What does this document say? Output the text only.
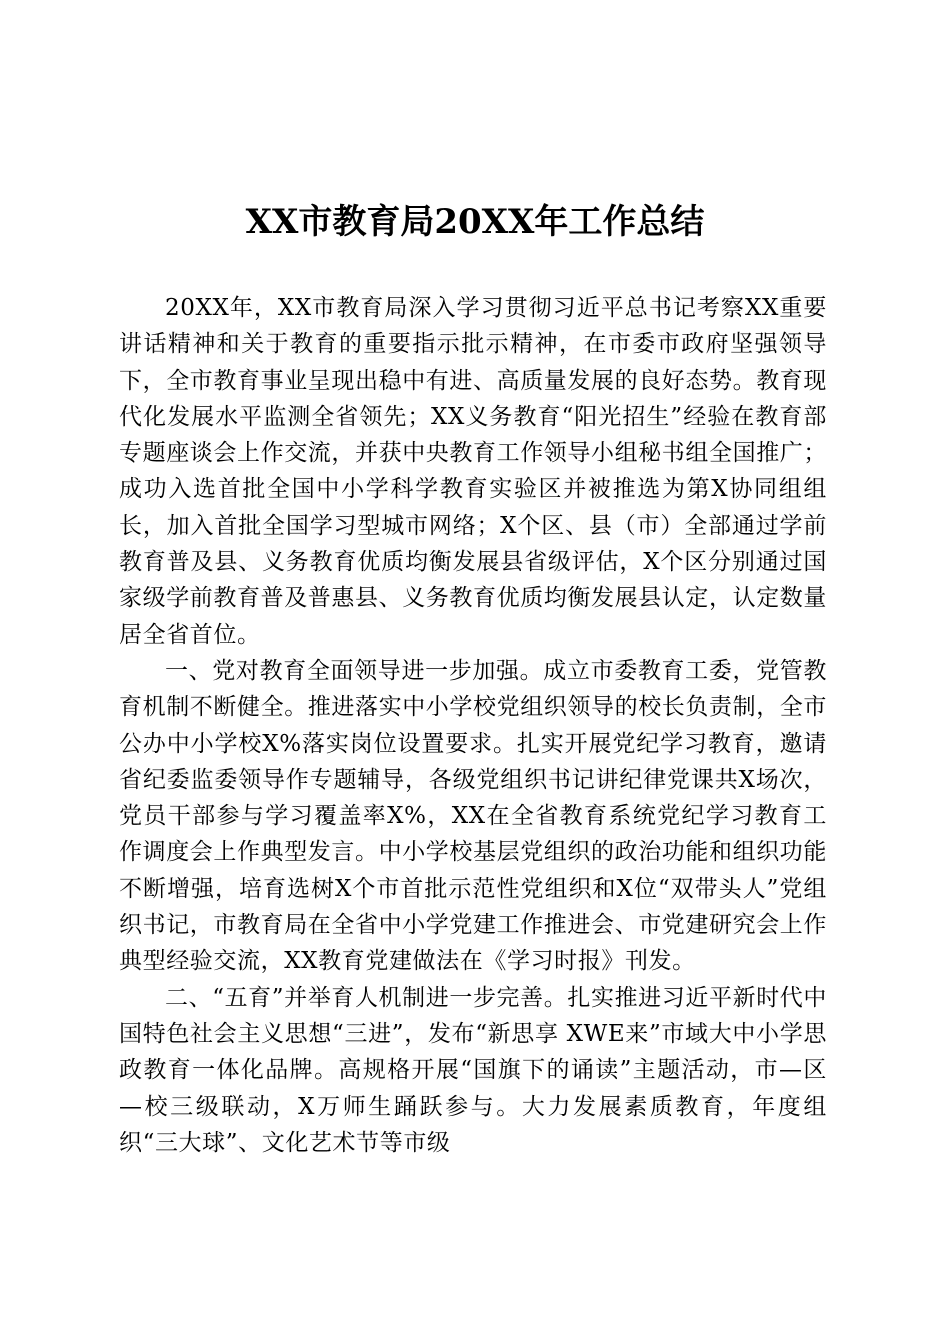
XX市教育局20XX年工作总结

20XX年，XX市教育局深入学习贯彻习近平总书记考察XX重要讲话精神和关于教育的重要指示批示精神，在市委市政府坚强领导下，全市教育事业呈现出稳中有进、高质量发展的良好态势。教育现代化发展水平监测全省领先；XX义务教育“阳光招生”经验在教育部专题座谈会上作交流，并获中央教育工作领导小组秘书组全国推广； 成功入选首批全国中小学科学教育实验区并被推选为第X协同组组长，加入首批全国学习型城市网络；X个区、县（市）全部通过学前教育普及县、义务教育优质均衡发展县省级评估，X个区分别通过国家级学前教育普及普惠县、义务教育优质均衡发展县认定，认定数量居全省首位。

一、党对教育全面领导进一步加强。成立市委教育工委，党管教育机制不断健全。推进落实中小学校党组织领导的校长负责制，全市公办中小学校X%落实岗位设置要求。扎实开展党纪学习教育，邀请省纪委监委领导作专题辅导，各级党组织书记讲纪律党课共X场次，党员干部参与学习覆盖率X%，XX在全省教育系统党纪学习教育工作调度会上作典型发言。中小学校基层党组织的政治功能和组织功能不断增强，培育选树X个市首批示范性党组织和X位“双带头人”党组织书记，市教育局在全省中小学党建工作推进会、市党建研究会上作典型经验交流，XX教育党建做法在《学习时报》刊发。

二、“五育”并举育人机制进一步完善。扎实推进习近平新时代中国特色社会主义思想“三进”，发布“新思享 XWE来”市域大中小学思政教育一体化品牌。高规格开展“国旗下的诵读”主题活动，市—区—校三级联动，X万师生踊跃参与。大力发展素质教育，年度组织“三大球”、文化艺术节等市级
